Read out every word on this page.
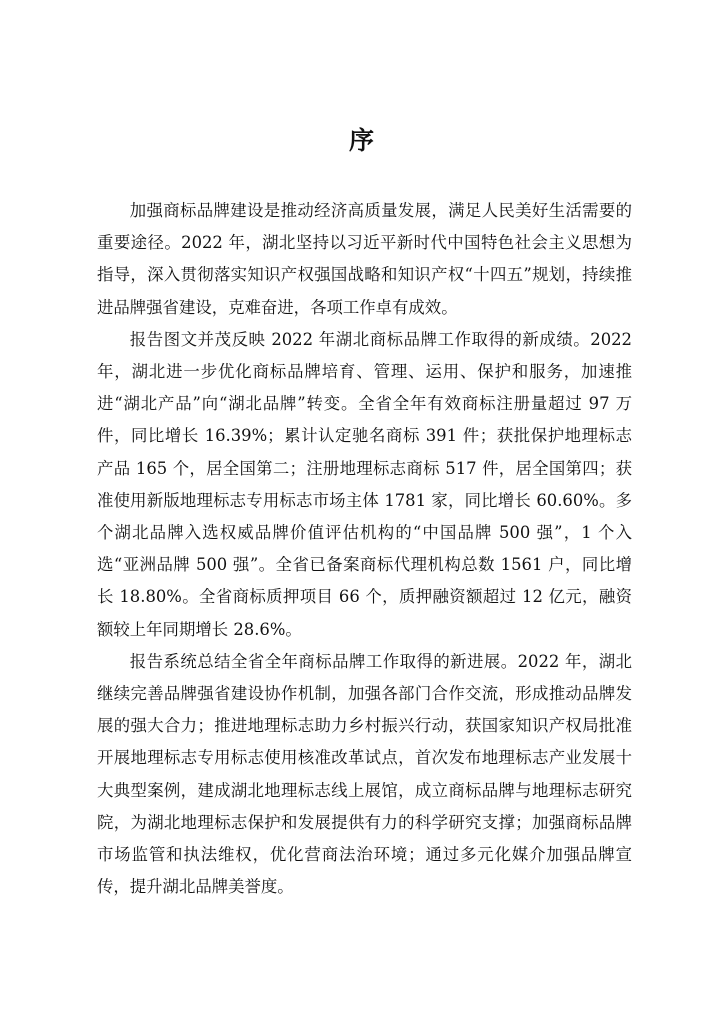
序

加强商标品牌建设是推动经济高质量发展，满足人民美好生活需要的重要途径。2022 年，湖北坚持以习近平新时代中国特色社会主义思想为指导，深入贯彻落实知识产权强国战略和知识产权“十四五”规划，持续推进品牌强省建设，克难奋进，各项工作卓有成效。

报告图文并茂反映 2022 年湖北商标品牌工作取得的新成绩。2022 年，湖北进一步优化商标品牌培育、管理、运用、保护和服务，加速推进“湖北产品”向“湖北品牌”转变。全省全年有效商标注册量超过 97 万件，同比增长 16.39%；累计认定驰名商标 391 件；获批保护地理标志产品 165 个，居全国第二；注册地理标志商标 517 件，居全国第四；获准使用新版地理标志专用标志市场主体 1781 家，同比增长 60.60%。多个湖北品牌入选权威品牌价值评估机构的“中国品牌 500 强”，1 个入选“亚洲品牌 500 强”。全省已备案商标代理机构总数 1561 户，同比增长 18.80%。全省商标质押项目 66 个，质押融资额超过 12 亿元，融资额较上年同期增长 28.6%。

报告系统总结全省全年商标品牌工作取得的新进展。2022 年，湖北继续完善品牌强省建设协作机制，加强各部门合作交流，形成推动品牌发展的强大合力；推进地理标志助力乡村振兴行动，获国家知识产权局批准开展地理标志专用标志使用核准改革试点，首次发布地理标志产业发展十大典型案例，建成湖北地理标志线上展馆，成立商标品牌与地理标志研究院，为湖北地理标志保护和发展提供有力的科学研究支撑；加强商标品牌市场监管和执法维权，优化营商法治环境；通过多元化媒介加强品牌宣传，提升湖北品牌美誉度。
